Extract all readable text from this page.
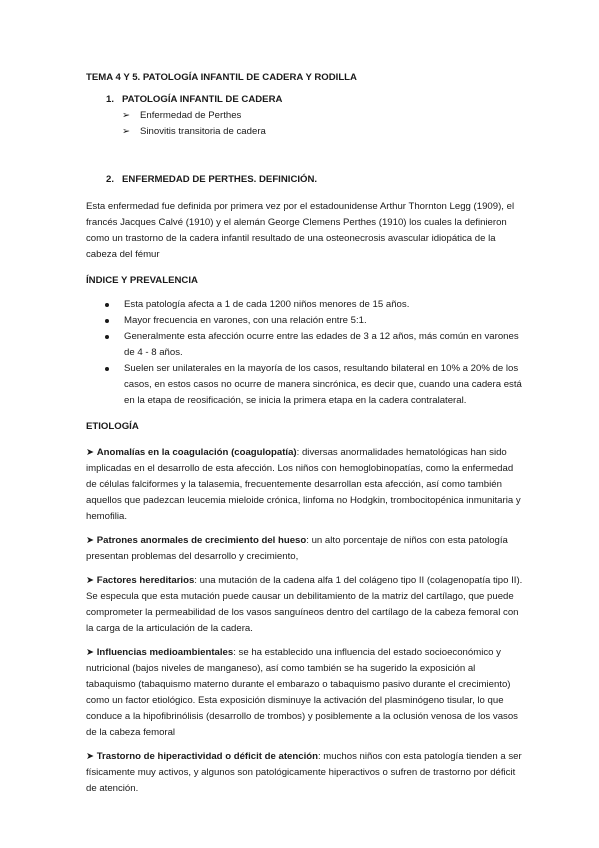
TEMA 4 Y 5. PATOLOGÍA INFANTIL DE CADERA Y RODILLA

1. PATOLOGÍA INFANTIL DE CADERA
➢	Enfermedad de Perthes
➢	Sinovitis transitoria de cadera
2. ENFERMEDAD DE PERTHES. DEFINICIÓN.

Esta enfermedad fue definida por primera vez por el estadounidense Arthur Thornton Legg (1909), el francés Jacques Calvé (1910) y el alemán George Clemens Perthes (1910) los cuales la definieron como un trastorno de la cadera infantil resultado de una osteonecrosis avascular idiopática de la cabeza del fémur

ÍNDICE Y PREVALENCIA

Esta patología afecta a 1 de cada 1200 niños menores de 15 años.
Mayor frecuencia en varones, con una relación entre 5:1.
Generalmente esta afección ocurre entre las edades de 3 a 12 años, más común en varones de 4 - 8 años.
Suelen ser unilaterales en la mayoría de los casos, resultando bilateral en 10% a 20% de los casos, en estos casos no ocurre de manera sincrónica, es decir que, cuando una cadera está en la etapa de reosificación, se inicia la primera etapa en la cadera contralateral.

ETIOLOGÍA

➤ Anomalías en la coagulación (coagulopatía): diversas anormalidades hematológicas han sido implicadas en el desarrollo de esta afección. Los niños con hemoglobinopatías, como la enfermedad de células falciformes y la talasemia, frecuentemente desarrollan esta afección, así como también aquellos que padezcan leucemia mieloide crónica, linfoma no Hodgkin, trombocitopénica inmunitaria y hemofilia.

➤ Patrones anormales de crecimiento del hueso: un alto porcentaje de niños con esta patología presentan problemas del desarrollo y crecimiento,

➤ Factores hereditarios: una mutación de la cadena alfa 1 del colágeno tipo II (colagenopatía tipo II). Se especula que esta mutación puede causar un debilitamiento de la matriz del cartílago, que puede comprometer la permeabilidad de los vasos sanguíneos dentro del cartílago de la cabeza femoral con la carga de la articulación de la cadera.

➤ Influencias medioambientales: se ha establecido una influencia del estado socioeconómico y nutricional (bajos niveles de manganeso), así como también se ha sugerido la exposición al tabaquismo (tabaquismo materno durante el embarazo o tabaquismo pasivo durante el crecimiento) como un factor etiológico. Esta exposición disminuye la activación del plasminógeno tisular, lo que conduce a la hipofibrinólisis (desarrollo de trombos) y posiblemente a la oclusión venosa de los vasos de la cabeza femoral

➤ Trastorno de hiperactividad o déficit de atención: muchos niños con esta patología tienden a ser físicamente muy activos, y algunos son patológicamente hiperactivos o sufren de trastorno por déficit de atención.
